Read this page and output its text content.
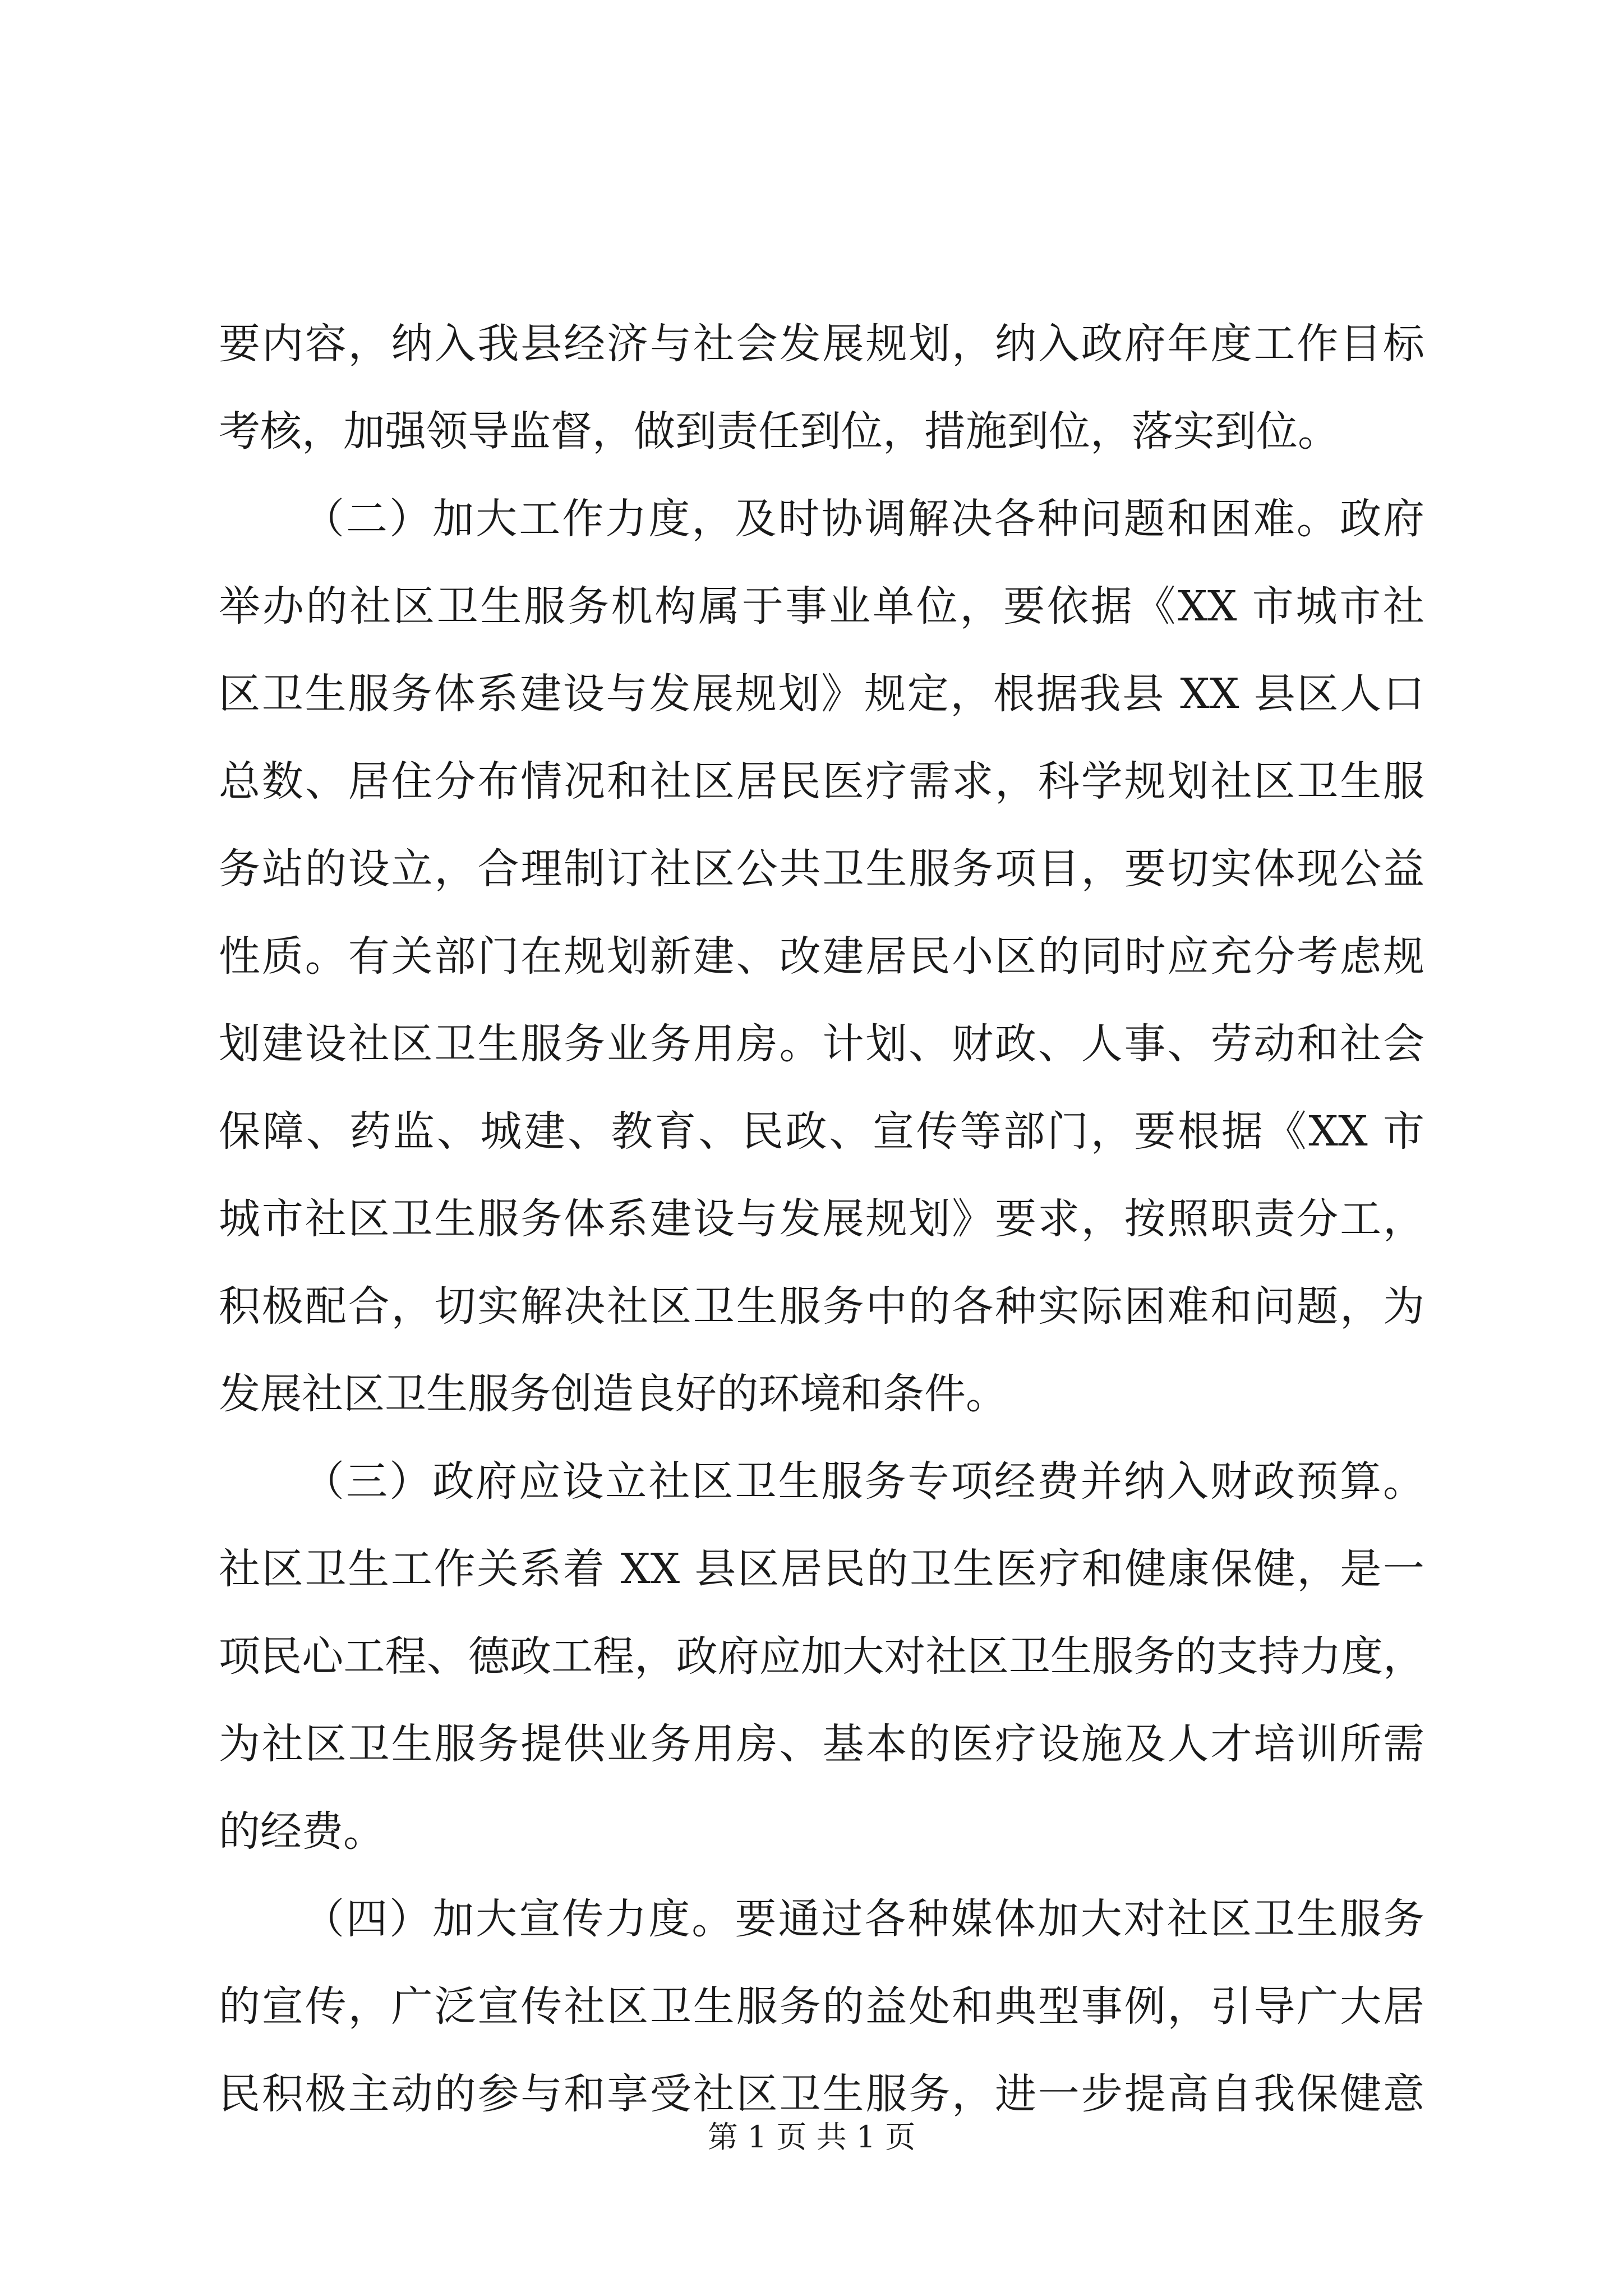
要内容，纳入我县经济与社会发展规划，纳入政府年度工作目标
考核，加强领导监督，做到责任到位，措施到位，落实到位。
（二）加大工作力度，及时协调解决各种问题和困难。政府
举办的社区卫生服务机构属于事业单位，要依据《XX 市城市社
区卫生服务体系建设与发展规划》规定，根据我县 XX 县区人口
总数、居住分布情况和社区居民医疗需求，科学规划社区卫生服
务站的设立，合理制订社区公共卫生服务项目，要切实体现公益
性质。有关部门在规划新建、改建居民小区的同时应充分考虑规
划建设社区卫生服务业务用房。计划、财政、人事、劳动和社会
保障、药监、城建、教育、民政、宣传等部门，要根据《XX 市
城市社区卫生服务体系建设与发展规划》要求，按照职责分工，
积极配合，切实解决社区卫生服务中的各种实际困难和问题，为
发展社区卫生服务创造良好的环境和条件。
（三）政府应设立社区卫生服务专项经费并纳入财政预算。
社区卫生工作关系着 XX 县区居民的卫生医疗和健康保健，是一
项民心工程、德政工程，政府应加大对社区卫生服务的支持力度，
为社区卫生服务提供业务用房、基本的医疗设施及人才培训所需
的经费。
（四）加大宣传力度。要通过各种媒体加大对社区卫生服务
的宣传，广泛宣传社区卫生服务的益处和典型事例，引导广大居
民积极主动的参与和享受社区卫生服务，进一步提高自我保健意
第 1 页 共 1 页
